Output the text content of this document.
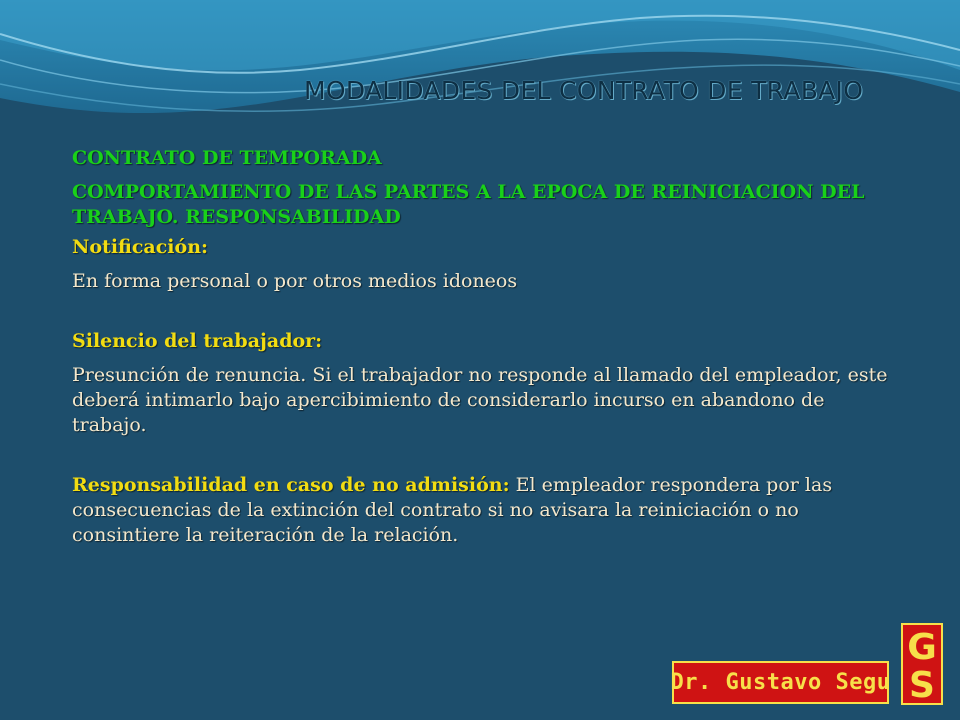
MODALIDADES DEL CONTRATO DE TRABAJO

CONTRATO DE TEMPORADA

COMPORTAMIENTO DE LAS PARTES A LA EPOCA DE REINICIACION DEL TRABAJO. RESPONSABILIDAD

Notificación:

En forma personal o por otros medios idoneos

Silencio del trabajador:

Presunción de renuncia. Si el trabajador no responde al llamado del empleador, este deberá intimarlo bajo apercibimiento de considerarlo incurso en abandono de trabajo.

Responsabilidad en caso de no admisión: El empleador respondera por las consecuencias de la extinción del contrato si no avisara la reiniciación o no consintiere la reiteración de la relación.

Dr. Gustavo Segu
G
S
